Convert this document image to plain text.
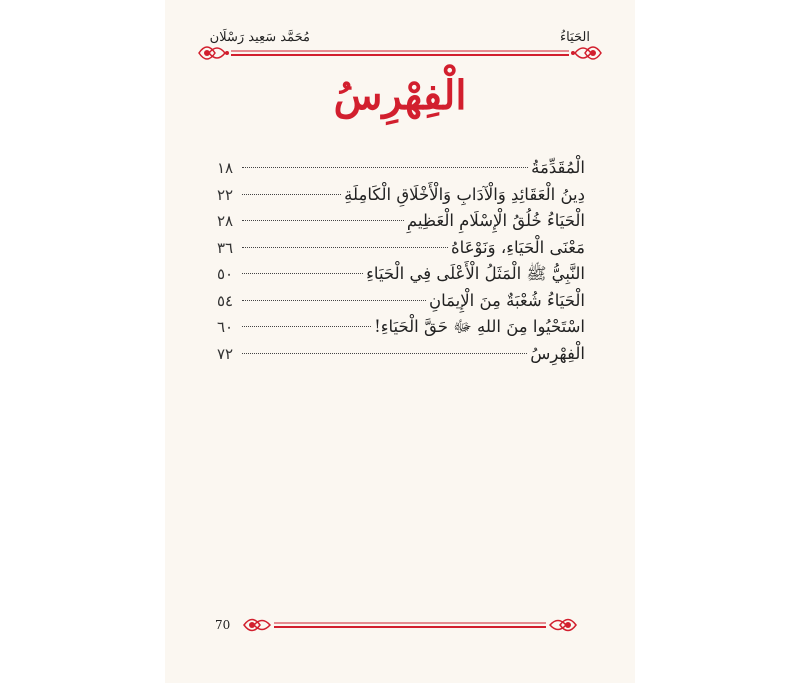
الحَيَاءُ
مُحَمَّد سَعِيد رَسْلَان
الْفِهْرِسُ
الْمُقَدِّمَةُ
١٨
دِينُ الْعَقَائِدِ وَالْآدَابِ وَالْأَخْلَاقِ الْكَامِلَةِ
٢٢
الْحَيَاءُ خُلُقُ الْإِسْلَامِ الْعَظِيمِ
٢٨
مَعْنَى الْحَيَاءِ، وَنَوْعَاهُ
٣٦
النَّبِيُّ ﷺ الْمَثَلُ الْأَعْلَى فِي الْحَيَاءِ
٥٠
الْحَيَاءُ شُعْبَةٌ مِنَ الْإِيمَانِ
٥٤
اسْتَحْيُوا مِنَ اللهِ ﷻ حَقَّ الْحَيَاءِ!
٦٠
الْفِهْرِسُ
٧٢
70
